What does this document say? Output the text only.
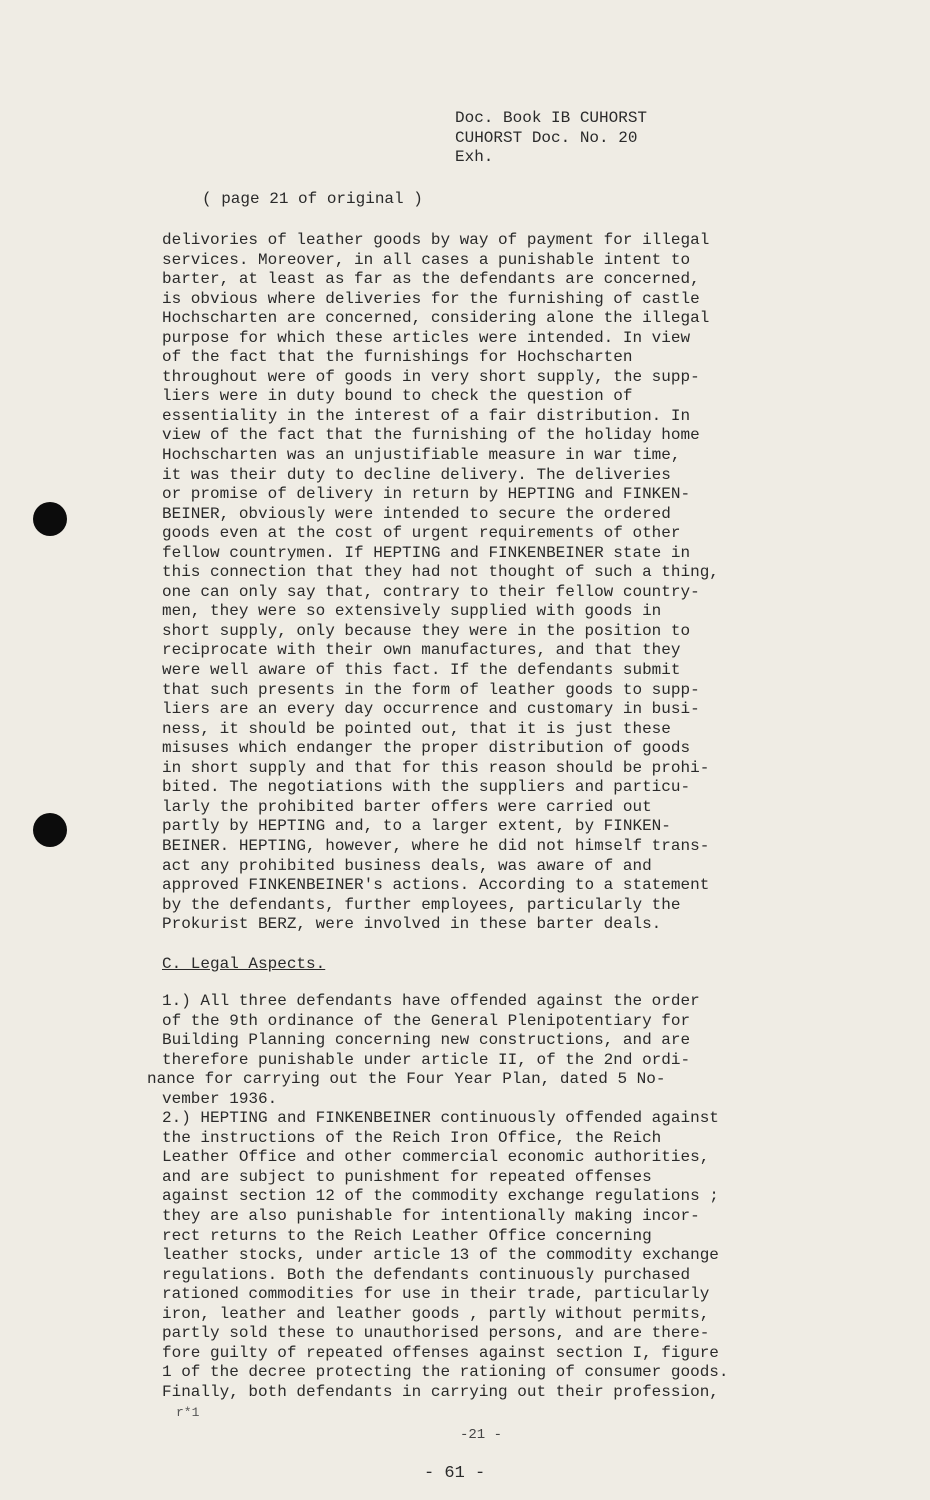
Doc. Book IB CUHORST
CUHORST Doc. No. 20
Exh.
( page 21 of original )
delivories of leather goods by way of payment for illegal
services. Moreover, in all cases a punishable intent to
barter, at least as far as the defendants are concerned,
is obvious where deliveries for the furnishing of castle
Hochscharten are concerned, considering alone the illegal
purpose for which these articles were intended. In view
of the fact that the furnishings for Hochscharten
throughout were of goods in very short supply, the supp-
liers were in duty bound to check the question of
essentiality in the interest of a fair distribution. In
view of the fact that the furnishing of the holiday home
Hochscharten was an unjustifiable measure in war time,
it was their duty to decline delivery. The deliveries
or promise of delivery in return by HEPTING and FINKEN-
BEINER, obviously were intended to secure the ordered
goods even at the cost of urgent requirements of other
fellow countrymen. If HEPTING and FINKENBEINER state in
this connection that they had not thought of such a thing,
one can only say that, contrary to their fellow country-
men, they were so extensively supplied with goods in
short supply, only because they were in the position to
reciprocate with their own manufactures, and that they
were well aware of this fact. If the defendants submit
that such presents in the form of leather goods to supp-
liers are an every day occurrence and customary in busi-
ness, it should be pointed out, that it is just these
misuses which endanger the proper distribution of goods
in short supply and that for this reason should be prohi-
bited. The negotiations with the suppliers and particu-
larly the prohibited barter offers were carried out
partly by HEPTING and, to a larger extent, by FINKEN-
BEINER. HEPTING, however, where he did not himself trans-
act any prohibited business deals, was aware of and
approved FINKENBEINER's actions. According to a statement
by the defendants, further employees, particularly the
Prokurist BERZ, were involved in these barter deals.
C. Legal Aspects.
1.) All three defendants have offended against the order
of the 9th ordinance of the General Plenipotentiary for
Building Planning concerning new constructions, and are
therefore punishable under article II, of the 2nd ordi-
nance for carrying out the Four Year Plan, dated 5 No-
vember 1936.
2.) HEPTING and FINKENBEINER continuously offended against
the instructions of the Reich Iron Office, the Reich
Leather Office and other commercial economic authorities,
and are subject to punishment for repeated offenses
against section 12 of the commodity exchange regulations ;
they are also punishable for intentionally making incor-
rect returns to the Reich Leather Office concerning
leather stocks, under article 13 of the commodity exchange
regulations. Both the defendants continuously purchased
rationed commodities for use in their trade, particularly
iron, leather and leather goods , partly without permits,
partly sold these to unauthorised persons, and are there-
fore guilty of repeated offenses against section I, figure
1 of the decree protecting the rationing of consumer goods.
Finally, both defendants in carrying out their profession,
r*1
-21 -
- 61 -
